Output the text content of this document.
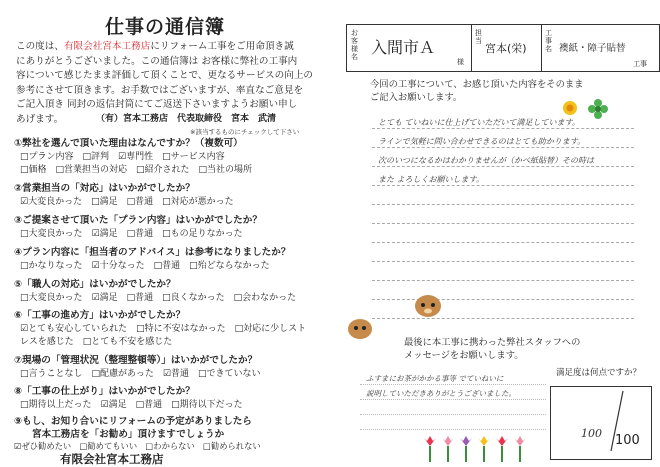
仕事の通信簿
この度は、有限会社宮本工務店にリフォーム工事をご用命頂き誠
にありがとうございました。この通信簿は お客様に弊社の工事内
容について感じたまま評価して頂くことで、更なるサービスの向上の
参考にさせて頂きます。お手数ではございますが、率直なご意見を
ご記入頂き 同封の返信封筒にてご返送下さいますようお願い申し
あげます。	（有）宮本工務店　代表取締役　宮本　武清
※該当するものにチェックして下さい
①弊社を選んで頂いた理由はなんですか？（複数可）
□プラン内容　□評判　☑専門性　□サービス内容
□価格　□営業担当の対応　□紹介された　□当社の場所
②営業担当の「対応」はいかがでしたか？
☑大変良かった　□満足　□普通　□対応が悪かった
③ご提案させて頂いた「プラン内容」はいかがでしたか？
□大変良かった　☑満足　□普通　□もの足りなかった
④プラン内容に「担当者のアドバイス」は参考になりましたか？
□かなりなった　☑十分なった　□普通　□殆どならなかった
⑤「職人の対応」はいかがでしたか？
□大変良かった　☑満足　□普通　□良くなかった　□会わなかった
⑥「工事の進め方」はいかがでしたか？
☑とても安心していられた　□特に不安はなかった　□対応に少しスト
レスを感じた　□とても不安を感じた
⑦現場の「管理状況（整理整頓等）」はいかがでしたか？
□言うことなし　□配慮があった　☑普通　□できていない
⑧「工事の仕上がり」はいかがでしたか？
□期待以上だった　☑満足　□普通　□期待以下だった
⑨もし、お知り合いにリフォームの予定がありましたら
宮本工務店を「お勧め」頂けますでしょうか
☑ぜひ勧めたい　□勧めてもいい　□わからない　□勧められない
有限会社宮本工務店
お客様名 入間市Ａ
様
担当
宮本(栄)
工事名 襖紙・障子貼替
工事
今回の工事について、お感じ頂いた内容をそのまま
ご記入お願いします。
とても ていねいに仕上げていただいて満足しています。
ラインで気軽に問い合わせできるのはとても助かります。
次のいつになるかはわかりませんが（かべ紙貼替）その時は
また よろしくお願いします。
最後に本工事に携わった弊社スタッフへの
メッセージをお願いします。
ふすまにお茶がかかる事等 でていねいに
説明していただきありがとうございました。
満足度は何点ですか？
100 100
